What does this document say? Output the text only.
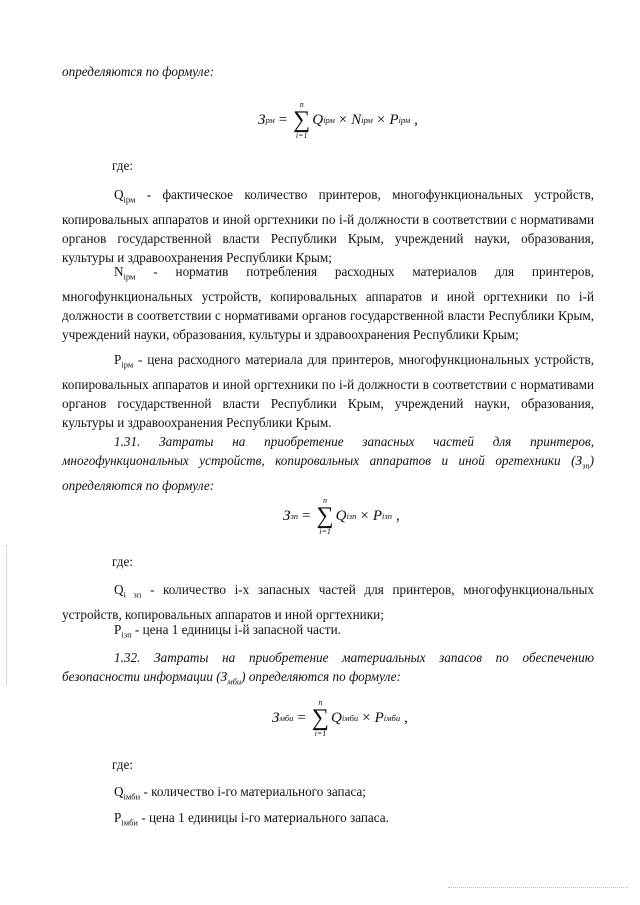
определяются по формуле:

З рм =
n
∑
i=1
Q iрм × N iрм × P iрм ,
где:

$Q_{iрм}$ - фактическое количество принтеров, многофункциональных устройств, копировальных аппаратов и иной оргтехники по i-й должности в соответствии с нормативами органов государственной власти Республики Крым, учреждений науки, образования, культуры и здравоохранения Республики Крым;

$N_{iрм}$ - норматив потребления расходных материалов для принтеров, многофункциональных устройств, копировальных аппаратов и иной оргтехники по i-й должности в соответствии с нормативами органов государственной власти Республики Крым, учреждений науки, образования, культуры и здравоохранения Республики Крым;

$P_{iрм}$ - цена расходного материала для принтеров, многофункциональных устройств, копировальных аппаратов и иной оргтехники по i-й должности в соответствии с нормативами органов государственной власти Республики Крым, учреждений науки, образования, культуры и здравоохранения Республики Крым.

1.31. Затраты на приобретение запасных частей для принтеров, многофункциональных устройств, копировальных аппаратов и иной оргтехники $(З_{зп})$ определяются по формуле:

З зп =
n
∑
i=1
Q iзп × P iзп ,
где:

$Q_{i зп}$ - количество i-х запасных частей для принтеров, многофункциональных устройств, копировальных аппаратов и иной оргтехники;

$P_{iзп}$ - цена 1 единицы i-й запасной части.

1.32. Затраты на приобретение материальных запасов по обеспечению безопасности информации $(З_{мби})$ определяются по формуле:

З мби =
n
∑
i=1
Q iмби × P iмби ,
где:

$Q_{iмби}$ - количество i-го материального запаса;

$P_{iмби}$ - цена 1 единицы i-го материального запаса.
